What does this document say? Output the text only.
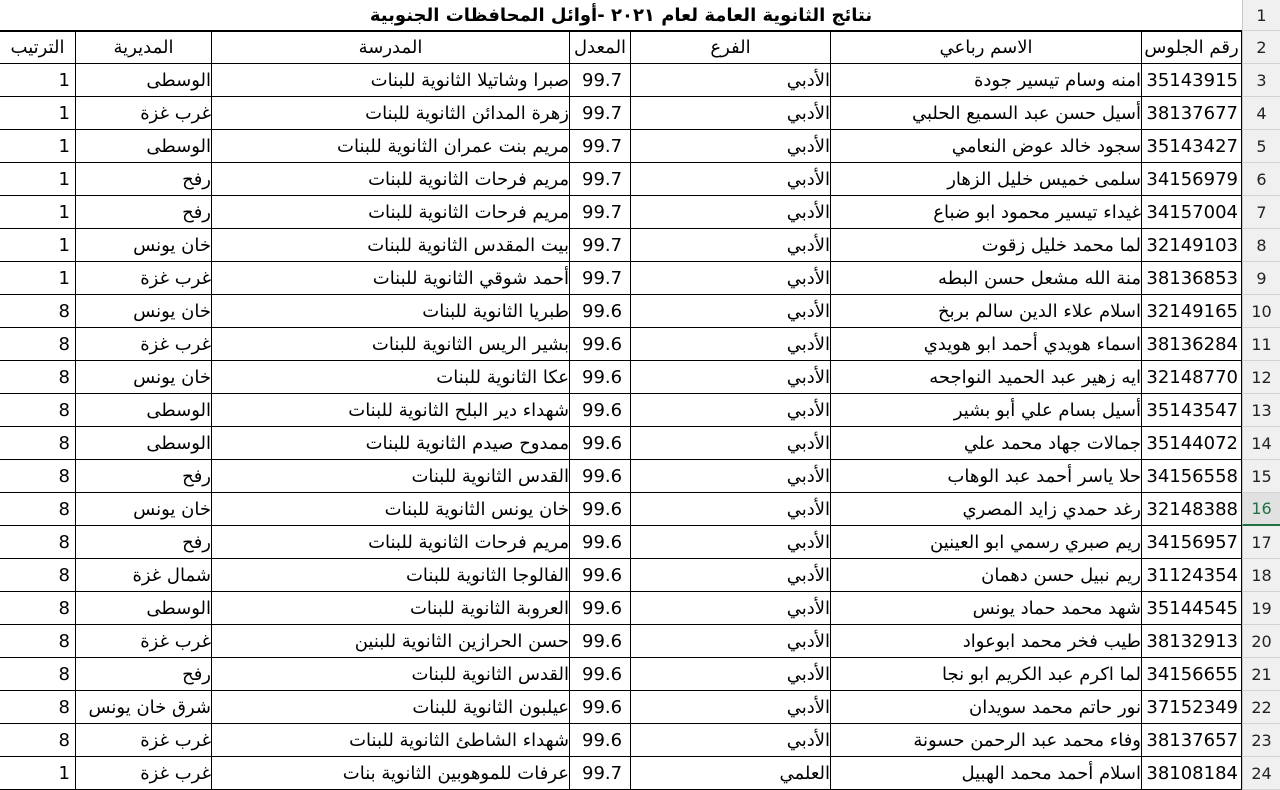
نتائج الثانوية العامة لعام ٢٠٢١ -أوائل المحافظات الجنوبية	1
الترتيب	المديرية	المدرسة	المعدل	الفرع	الاسم رباعي	رقم الجلوس	2
1	الوسطى	صبرا وشاتيلا الثانوية للبنات 99.7	الأدبي	امنه وسام تيسير جودة 35143915	3
1	غرب غزة	زهرة المدائن الثانوية للبنات 99.7	الأدبي	أسيل حسن عبد السميع الحلبي 38137677	4
1	الوسطى	مريم بنت عمران الثانوية للبنات 99.7	الأدبي	سجود خالد عوض النعامي 35143427	5
1	رفح	مريم فرحات الثانوية للبنات 99.7	الأدبي	سلمى خميس خليل الزهار 34156979	6
1	رفح	مريم فرحات الثانوية للبنات 99.7	الأدبي	غيداء تيسير محمود ابو ضباع 34157004	7
1	خان يونس	بيت المقدس الثانوية للبنات 99.7	الأدبي	لما محمد خليل زقوت 32149103	8
1	غرب غزة	أحمد شوقي الثانوية للبنات 99.7	الأدبي	منة الله مشعل حسن البطه 38136853	9
8	خان يونس	طبريا الثانوية للبنات 99.6	الأدبي	اسلام علاء الدين سالم بربخ 32149165 10
8	غرب غزة	بشير الريس الثانوية للبنات 99.6	الأدبي	اسماء هويدي أحمد ابو هويدي 38136284 11
8	خان يونس	عكا الثانوية للبنات 99.6	الأدبي	ايه زهير عبد الحميد النواجحه 32148770 12
8	الوسطى	شهداء دير البلح الثانوية للبنات 99.6	الأدبي	أسيل بسام علي أبو بشير 35143547 13
8	الوسطى	ممدوح صيدم الثانوية للبنات 99.6	الأدبي	جمالات جهاد محمد علي 35144072 14
8	رفح	القدس الثانوية للبنات 99.6	الأدبي	حلا ياسر أحمد عبد الوهاب 34156558 15
8	خان يونس	خان يونس الثانوية للبنات 99.6	الأدبي	رغد حمدي زايد المصري 32148388 16
8	رفح	مريم فرحات الثانوية للبنات 99.6	الأدبي	ريم صبري رسمي ابو العينين 34156957 17
8	شمال غزة	الفالوجا الثانوية للبنات 99.6	الأدبي	ريم نبيل حسن دهمان 31124354 18
8	الوسطى	العروبة الثانوية للبنات 99.6	الأدبي	شهد محمد حماد يونس 35144545 19
8	غرب غزة	حسن الحرازين الثانوية للبنين 99.6	الأدبي	طيب فخر محمد ابوعواد 38132913 20
8	رفح	القدس الثانوية للبنات 99.6	الأدبي	لما اكرم عبد الكريم ابو نجا 34156655 21
8	شرق خان يونس	عيلبون الثانوية للبنات 99.6	الأدبي	نور حاتم محمد سويدان 37152349 22
8	غرب غزة	شهداء الشاطئ الثانوية للبنات 99.6	الأدبي	وفاء محمد عبد الرحمن حسونة 38137657 23
1	غرب غزة	عرفات للموهوبين الثانوية بنات 99.7	العلمي	اسلام أحمد محمد الهبيل 38108184 24
